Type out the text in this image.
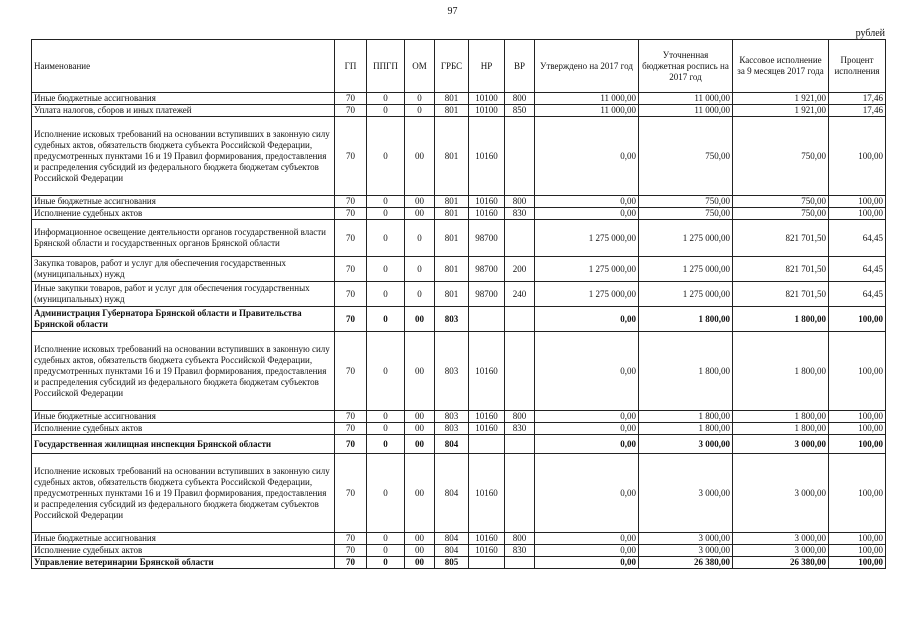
97
рублей
Наименование	ГП	ППГП	ОМ	ГРБС	НР	ВР	Утверждено на 2017 год	Уточненная бюджетная роспись на 2017 год	Кассовое исполнение за 9 месяцев 2017 года	Процент исполнения
Иные бюджетные ассигнования	70	0	0	801	10100	800	11 000,00	11 000,00	1 921,00	17,46
Уплата налогов, сборов и иных платежей	70	0	0	801	10100	850	11 000,00	11 000,00	1 921,00	17,46
Исполнение исковых требований на основании вступивших в законную силу судебных актов, обязательств бюджета субъекта Российской Федерации, предусмотренных пунктами 16 и 19 Правил формирования, предоставления и распределения субсидий из федерального бюджета бюджетам субъектов Российской Федерации	70	0	00	801	10160		0,00	750,00	750,00	100,00
Иные бюджетные ассигнования	70	0	00	801	10160	800	0,00	750,00	750,00	100,00
Исполнение судебных актов	70	0	00	801	10160	830	0,00	750,00	750,00	100,00
Информационное освещение деятельности органов государственной власти Брянской области и государственных органов Брянской области	70	0	0	801	98700		1 275 000,00	1 275 000,00	821 701,50	64,45
Закупка товаров, работ и услуг для обеспечения государственных (муниципальных) нужд	70	0	0	801	98700	200	1 275 000,00	1 275 000,00	821 701,50	64,45
Иные закупки товаров, работ и услуг для обеспечения государственных (муниципальных) нужд	70	0	0	801	98700	240	1 275 000,00	1 275 000,00	821 701,50	64,45
Администрация Губернатора Брянской области и Правительства Брянской области	70	0	00	803			0,00	1 800,00	1 800,00	100,00
Исполнение исковых требований на основании вступивших в законную силу судебных актов, обязательств бюджета субъекта Российской Федерации, предусмотренных пунктами 16 и 19 Правил формирования, предоставления и распределения субсидий из федерального бюджета бюджетам субъектов Российской Федерации	70	0	00	803	10160		0,00	1 800,00	1 800,00	100,00
Иные бюджетные ассигнования	70	0	00	803	10160	800	0,00	1 800,00	1 800,00	100,00
Исполнение судебных актов	70	0	00	803	10160	830	0,00	1 800,00	1 800,00	100,00
Государственная жилищная инспекция Брянской области	70	0	00	804			0,00	3 000,00	3 000,00	100,00
Исполнение исковых требований на основании вступивших в законную силу судебных актов, обязательств бюджета субъекта Российской Федерации, предусмотренных пунктами 16 и 19 Правил формирования, предоставления и распределения субсидий из федерального бюджета бюджетам субъектов Российской Федерации	70	0	00	804	10160		0,00	3 000,00	3 000,00	100,00
Иные бюджетные ассигнования	70	0	00	804	10160	800	0,00	3 000,00	3 000,00	100,00
Исполнение судебных актов	70	0	00	804	10160	830	0,00	3 000,00	3 000,00	100,00
Управление ветеринарии Брянской области	70	0	00	805			0,00	26 380,00	26 380,00	100,00
